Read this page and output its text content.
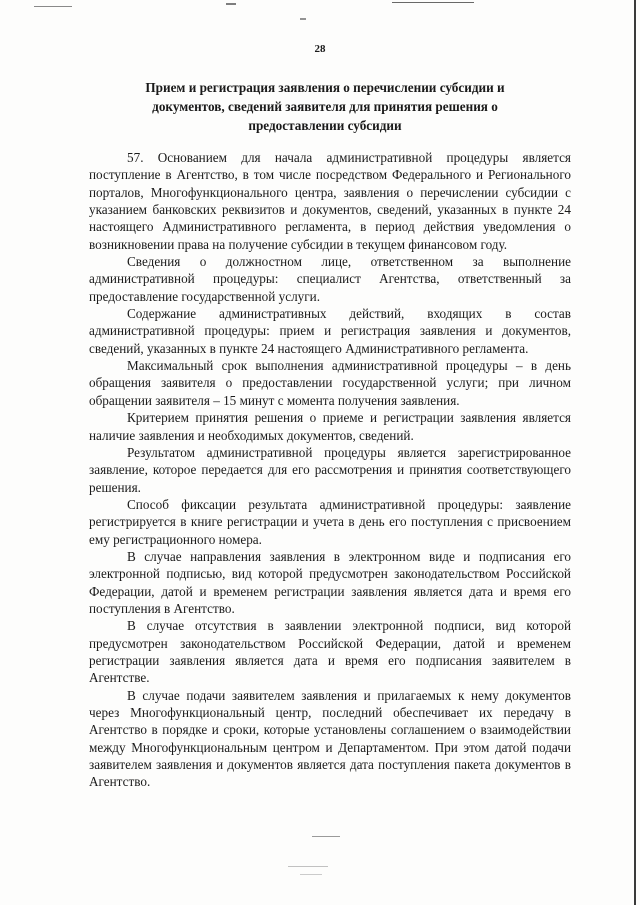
28
Прием и регистрация заявления о перечислении субсидии и документов, сведений заявителя для принятия решения о предоставлении субсидии

57. Основанием для начала административной процедуры является поступление в Агентство, в том числе посредством Федерального и Регионального порталов, Многофункционального центра, заявления о перечислении субсидии с указанием банковских реквизитов и документов, сведений, указанных в пункте 24 настоящего Административного регламента, в период действия уведомления о возникновении права на получение субсидии в текущем финансовом году.

Сведения о должностном лице, ответственном за выполнение административной процедуры: специалист Агентства, ответственный за предоставление государственной услуги.

Содержание административных действий, входящих в состав административной процедуры: прием и регистрация заявления и документов, сведений, указанных в пункте 24 настоящего Административного регламента.

Максимальный срок выполнения административной процедуры – в день обращения заявителя о предоставлении государственной услуги; при личном обращении заявителя – 15 минут с момента получения заявления.

Критерием принятия решения о приеме и регистрации заявления является наличие заявления и необходимых документов, сведений.

Результатом административной процедуры является зарегистрированное заявление, которое передается для его рассмотрения и принятия соответствующего решения.

Способ фиксации результата административной процедуры: заявление регистрируется в книге регистрации и учета в день его поступления с присвоением ему регистрационного номера.

В случае направления заявления в электронном виде и подписания его электронной подписью, вид которой предусмотрен законодательством Российской Федерации, датой и временем регистрации заявления является дата и время его поступления в Агентство.

В случае отсутствия в заявлении электронной подписи, вид которой предусмотрен законодательством Российской Федерации, датой и временем регистрации заявления является дата и время его подписания заявителем в Агентстве.

В случае подачи заявителем заявления и прилагаемых к нему документов через Многофункциональный центр, последний обеспечивает их передачу в Агентство в порядке и сроки, которые установлены соглашением о взаимодействии между Многофункциональным центром и Департаментом. При этом датой подачи заявителем заявления и документов является дата поступления пакета документов в Агентство.
